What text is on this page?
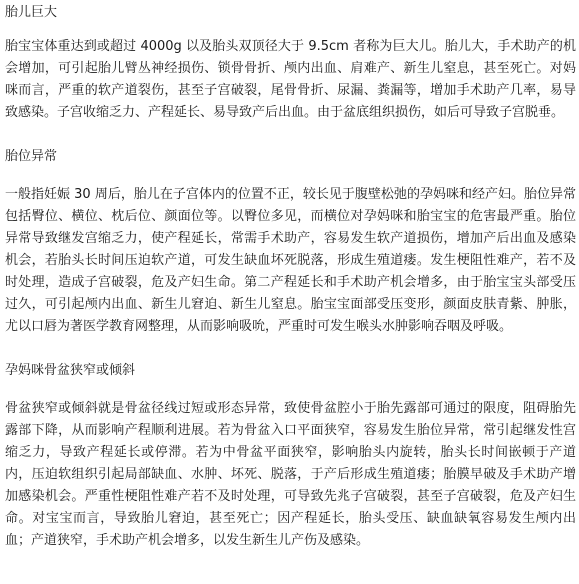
胎儿巨大

胎宝宝体重达到或超过 4000g 以及胎头双顶径大于 9.5cm 者称为巨大儿。胎儿大，手术助产的机会增加，可引起胎儿臂丛神经损伤、锁骨骨折、颅内出血、肩难产、新生儿窒息，甚至死亡。对妈咪而言，严重的软产道裂伤，甚至子宫破裂，尾骨骨折、尿漏、粪漏等，增加手术助产几率，易导致感染。子宫收缩乏力、产程延长、易导致产后出血。由于盆底组织损伤，如后可导致子宫脱垂。

胎位异常

一般指妊娠 30 周后，胎儿在子宫体内的位置不正，较长见于腹壁松弛的孕妈咪和经产妇。胎位异常包括臀位、横位、枕后位、颜面位等。以臀位多见，而横位对孕妈咪和胎宝宝的危害最严重。胎位异常导致继发宫缩乏力，使产程延长，常需手术助产，容易发生软产道损伤，增加产后出血及感染机会，若胎头长时间压迫软产道，可发生缺血坏死脱落，形成生殖道瘘。发生梗阻性难产，若不及时处理，造成子宫破裂，危及产妇生命。第二产程延长和手术助产机会增多，由于胎宝宝头部受压过久，可引起颅内出血、新生儿窘迫、新生儿窒息。胎宝宝面部受压变形，颜面皮肤青紫、肿胀，尤以口唇为著医学教育网整理，从而影响吸吮，严重时可发生喉头水肿影响吞咽及呼吸。

孕妈咪骨盆狭窄或倾斜

骨盆狭窄或倾斜就是骨盆径线过短或形态异常，致使骨盆腔小于胎先露部可通过的限度，阻碍胎先露部下降，从而影响产程顺利进展。若为骨盆入口平面狭窄，容易发生胎位异常，常引起继发性宫缩乏力，导致产程延长或停滞。若为中骨盆平面狭窄，影响胎头内旋转，胎头长时间嵌顿于产道内，压迫软组织引起局部缺血、水肿、坏死、脱落，于产后形成生殖道瘘；胎膜早破及手术助产增加感染机会。严重性梗阻性难产若不及时处理，可导致先兆子宫破裂，甚至子宫破裂，危及产妇生命。对宝宝而言，导致胎儿窘迫，甚至死亡；因产程延长，胎头受压、缺血缺氧容易发生颅内出血；产道狭窄，手术助产机会增多，以发生新生儿产伤及感染。
